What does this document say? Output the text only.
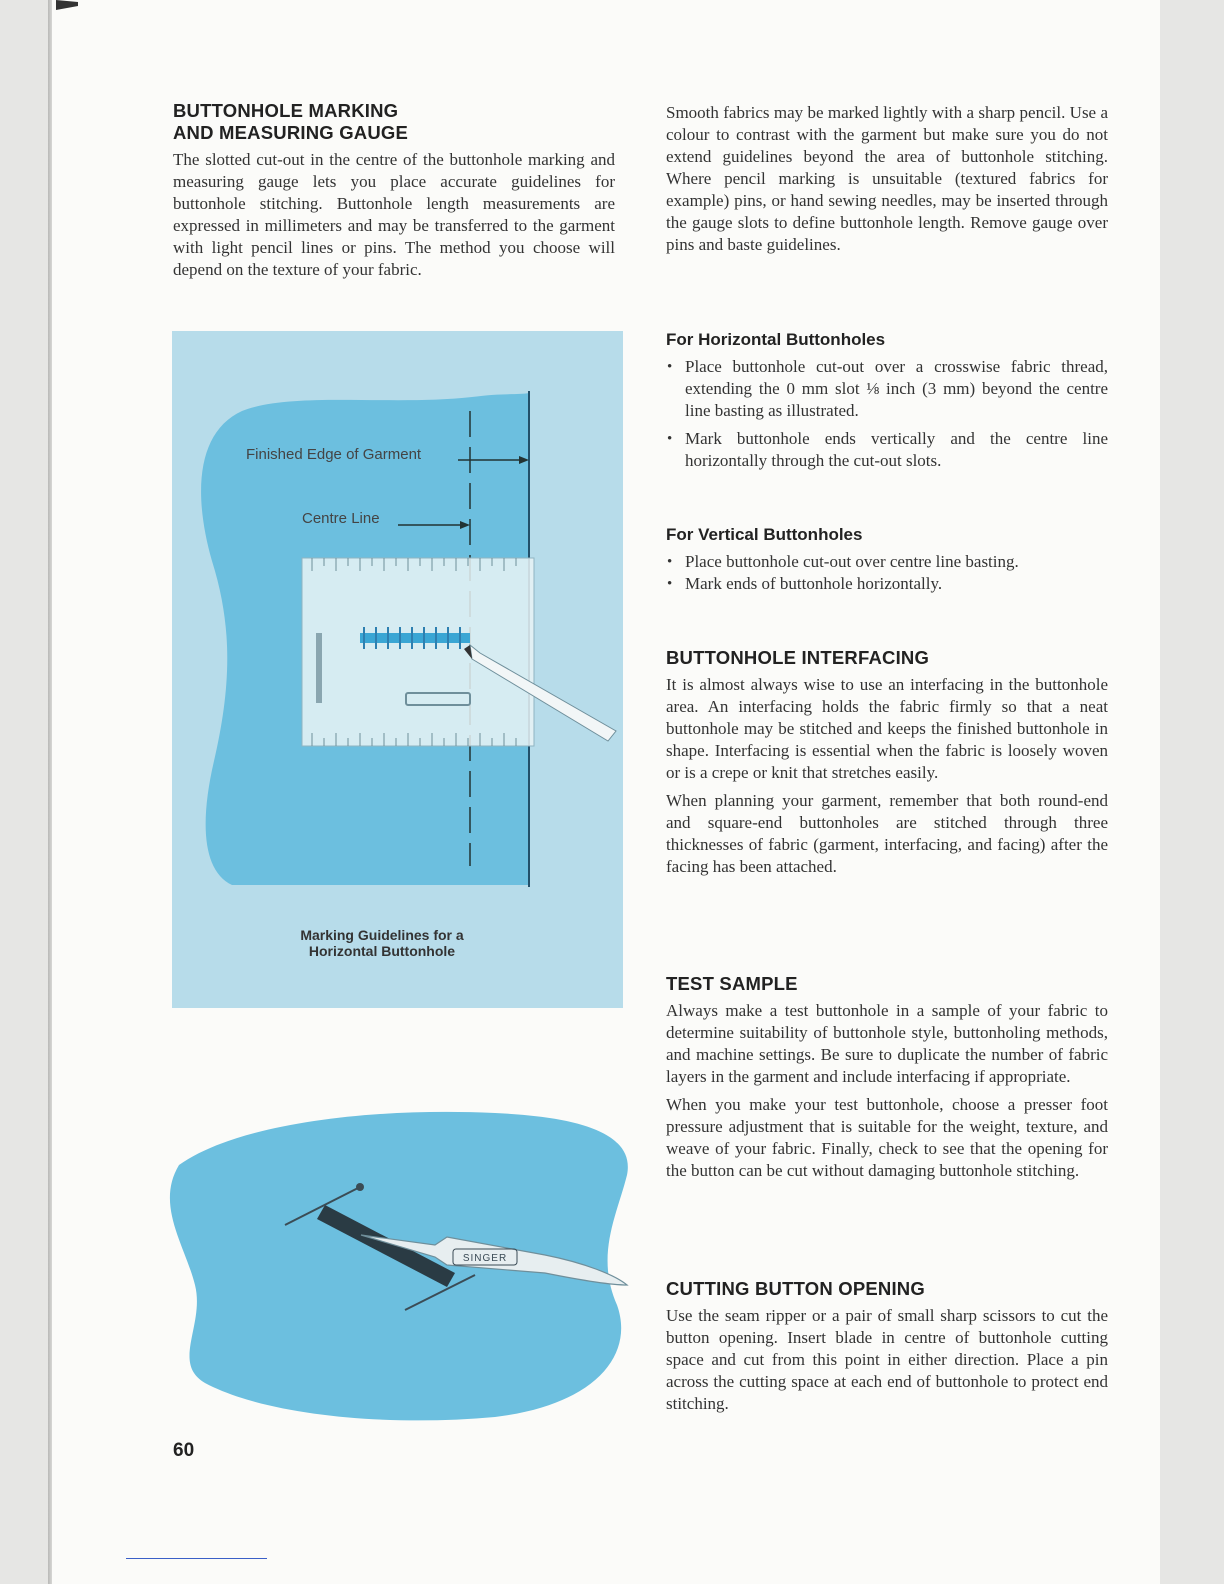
BUTTONHOLE MARKING
AND MEASURING GAUGE

The slotted cut-out in the centre of the buttonhole marking and measuring gauge lets you place accurate guidelines for buttonhole stitching. Buttonhole length measurements are expressed in millimeters and may be transferred to the garment with light pencil lines or pins. The method you choose will depend on the texture of your fabric.

Finished Edge of Garment
Centre Line
Marking Guidelines for a
Horizontal Buttonhole
SINGER

Smooth fabrics may be marked lightly with a sharp pencil. Use a colour to contrast with the garment but make sure you do not extend guidelines beyond the area of buttonhole stitching. Where pencil marking is unsuitable (textured fabrics for example) pins, or hand sewing needles, may be inserted through the gauge slots to define buttonhole length. Remove gauge over pins and baste guidelines.

For Horizontal Buttonholes
• Place buttonhole cut-out over a crosswise fabric thread, extending the 0 mm slot ⅛ inch (3 mm) beyond the centre line basting as illustrated.
• Mark buttonhole ends vertically and the centre line horizontally through the cut-out slots.
For Vertical Buttonholes
• Place buttonhole cut-out over centre line basting.
• Mark ends of buttonhole horizontally.
BUTTONHOLE INTERFACING

It is almost always wise to use an interfacing in the buttonhole area. An interfacing holds the fabric firmly so that a neat buttonhole may be stitched and keeps the finished buttonhole in shape. Interfacing is essential when the fabric is loosely woven or is a crepe or knit that stretches easily.

When planning your garment, remember that both round-end and square-end buttonholes are stitched through three thicknesses of fabric (garment, interfacing, and facing) after the facing has been attached.

TEST SAMPLE

Always make a test buttonhole in a sample of your fabric to determine suitability of buttonhole style, buttonholing methods, and machine settings. Be sure to duplicate the number of fabric layers in the garment and include interfacing if appropriate.

When you make your test buttonhole, choose a presser foot pressure adjustment that is suitable for the weight, texture, and weave of your fabric. Finally, check to see that the opening for the button can be cut without damaging buttonhole stitching.

CUTTING BUTTON OPENING

Use the seam ripper or a pair of small sharp scissors to cut the button opening. Insert blade in centre of buttonhole cutting space and cut from this point in either direction. Place a pin across the cutting space at each end of buttonhole to protect end stitching.

60
